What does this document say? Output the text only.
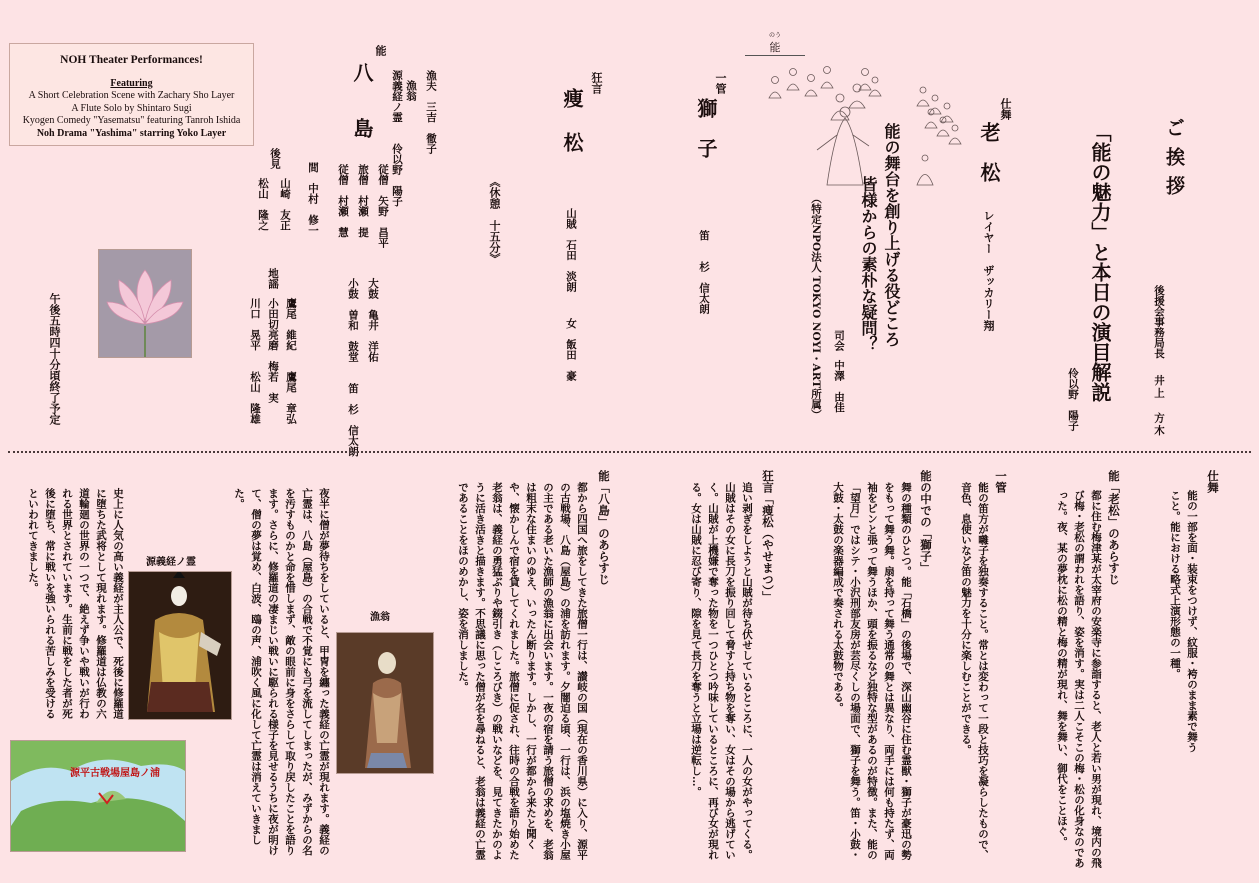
NOH Theater Performances!
Featuring
A Short Celebration Scene with Zachary Sho Layer
A Flute Solo by Shintaro Sugi
Kyogen Comedy "Yasematsu" featuring Tanroh Ishida
Noh Drama "Yashima" starring Yoko Layer	ご挨拶
後援会事務局長
井上　方木
「能の魅力」と本日の演目解説
伶以野　陽子
仕舞
老　松
レイヤー　ザッカリー翔
能の舞台を創り上げる役どころ
皆様からの素朴な疑問？
司会
中澤　由佳
（特定NPO法人 TOKYO NOYI・ART所属）
のう
能
一管
獅　子
笛　　杉　信太朗
狂言
痩　松
山賊　石田　淡朗
女　飯田　豪
《休憩　十五分》
能
八　島	漁夫　三吉　徹子
漁翁
源義経ノ霊　　伶以野　陽子
従僧　矢野　昌平
旅僧　村瀬　提
従僧　村瀬　慧
間　中村　修一
大鼓　亀井　洋佑
小鼓　曽和　鼓堂　　笛　杉　信太朗
後見
山崎　友正
松山　隆之
地謡
鷹尾　維紀　　鷹尾　章弘
小田切亮磨　梅若　実
川口　晃平　　松山　隆雄
午後五時四十分頃終了予定
仕舞
能の一部を面・装束をつけず、紋服・袴のまま素で舞うこと。能における略式上演形態の一種。
能「老松」のあらすじ
都に住む梅津某が太宰府の安楽寺に参詣すると、老人と若い男が現れ、境内の飛び梅・老松の謂われを語り、姿を消す。実は二人こそこの梅・松の化身なのであった。夜、某の夢枕に松の精と梅の精が現れ、舞を舞い、御代をことほぐ。
一管
能の笛方が囃子を独奏すること。常とは変わって一段と技巧を凝らしたもので、音色、息使いなど笛の魅力を十分に楽しむことができる。
能の中での「獅子」
舞の種類のひとつ。能「石橋」の後場で、深山幽谷に住む霊獣・獅子が豪迅の勢をもって舞う舞。扇を持って舞う通常の舞とは異なり、両手には何も持たず、両袖をピンと張って舞うほか、頭を振るなど独特な型があるのが特徴。また、能の「望月」ではシテ・小沢刑部友房が芸尽くしの場面で、獅子を舞う。笛・小鼓・大鼓・太鼓の楽器編成で奏される太鼓物である。
狂言「痩松（やせまつ）」
追い剥ぎをしようと山賊が待ち伏せしているところに、一人の女がやってくる。山賊はその女に長刀を振り回して脅すと持ち物を奪い、女はその場から逃げていく。山賊が上機嫌で奪った物を一つひとつ吟味しているところに、再び女が現れる。女は山賊に忍び寄り、隙を見て長刀を奪うと立場は逆転し…。
能「八島」のあらすじ
都から四国へ旅をしてきた旅僧一行は、讃岐の国（現在の香川県）に入り、源平の古戦場、八島（屋島）の浦を訪れます。夕闇迫る頃、一行は、浜の塩焼き小屋の主である老いた漁師の漁翁に出会います。一夜の宿を請う旅僧の求めを、老翁は粗末な住まいのゆえ、いったん断ります。しかし、一行が都から来たと聞くや、懐かしんで宿を貸してくれました。旅僧に促され、往時の合戦を語り始めた老翁は、義経の勇猛ぶりや錣引き（しころびき）の戦いなどを、見てきたかのように活き活きと描きます。不思議に思った僧が名を尋ねると、老翁は義経の亡霊であることをほのめかし、姿を消しました。
漁翁
夜半に僧が夢待ちをしていると、甲冑を纏った義経の亡霊が現れます。義経の亡霊は、八島（屋島）の合戦で不覚にも弓を流してしまったが、みずからの名を汚すものかと命を惜しまず、敵の眼前に身をさらして取り戻したことを語ります。さらに、修羅道の凄まじい戦いに駆られる様子を見せるうちに夜が明けて、僧の夢は覚め、白波、鴎の声、浦吹く風に化して亡霊は消えていきました。
源義経ノ霊
史上に人気の高い義経が主人公で、死後に修羅道に堕ちた武将として現れます。修羅道は仏教の六道輪廻の世界の一つで、絶えず争いや戦いが行われる世界とされています。生前に戦をした者が死後に堕ち、常に戦いを強いられる苦しみを受けるといわれてきました。
源平古戦場屋島ノ浦
